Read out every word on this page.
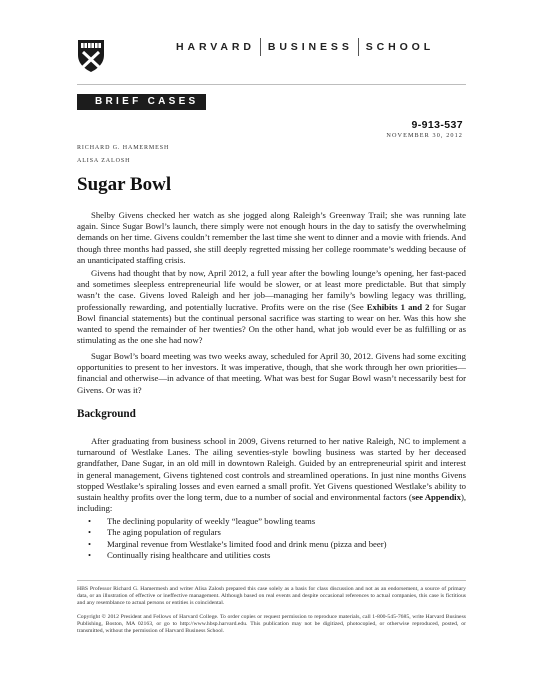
HARVARD BUSINESS SCHOOL
BRIEF CASES
9-913-537
NOVEMBER 30, 2012
RICHARD G. HAMERMESH
ALISA ZALOSH
Sugar Bowl

Shelby Givens checked her watch as she jogged along Raleigh’s Greenway Trail; she was running late again. Since Sugar Bowl’s launch, there simply were not enough hours in the day to satisfy the overwhelming demands on her time. Givens couldn’t remember the last time she went to dinner and a movie with friends. And though three months had passed, she still deeply regretted missing her college roommate’s wedding because of an unanticipated staffing crisis.

Givens had thought that by now, April 2012, a full year after the bowling lounge’s opening, her fast-paced and sometimes sleepless entrepreneurial life would be slower, or at least more predictable. But that simply wasn’t the case. Givens loved Raleigh and her job—managing her family’s bowling legacy was thrilling, professionally rewarding, and potentially lucrative. Profits were on the rise (See Exhibits 1 and 2 for Sugar Bowl financial statements) but the continual personal sacrifice was starting to wear on her. Was this how she wanted to spend the remainder of her twenties? On the other hand, what job would ever be as fulfilling or as stimulating as the one she had now?

Sugar Bowl’s board meeting was two weeks away, scheduled for April 30, 2012. Givens had some exciting opportunities to present to her investors. It was imperative, though, that she work through her own priorities—financial and otherwise—in advance of that meeting. What was best for Sugar Bowl wasn’t necessarily best for Givens. Or was it?

Background

After graduating from business school in 2009, Givens returned to her native Raleigh, NC to implement a turnaround of Westlake Lanes. The ailing seventies-style bowling business was started by her deceased grandfather, Dane Sugar, in an old mill in downtown Raleigh. Guided by an entrepreneurial spirit and interest in general management, Givens tightened cost controls and streamlined operations. In just nine months Givens stopped Westlake’s spiraling losses and even earned a small profit. Yet Givens questioned Westlake’s ability to sustain healthy profits over the long term, due to a number of social and environmental factors (see Appendix), including:

• The declining popularity of weekly “league” bowling teams
• The aging population of regulars
• Marginal revenue from Westlake’s limited food and drink menu (pizza and beer)
• Continually rising healthcare and utilities costs

HBS Professor Richard G. Hamermesh and writer Alisa Zalosh prepared this case solely as a basis for class discussion and not as an endorsement, a source of primary data, or an illustration of effective or ineffective management. Although based on real events and despite occasional references to actual companies, this case is fictitious and any resemblance to actual persons or entities is coincidental.

Copyright © 2012 President and Fellows of Harvard College. To order copies or request permission to reproduce materials, call 1-800-545-7685, write Harvard Business Publishing, Boston, MA 02163, or go to http://www.hbsp.harvard.edu. This publication may not be digitized, photocopied, or otherwise reproduced, posted, or transmitted, without the permission of Harvard Business School.
